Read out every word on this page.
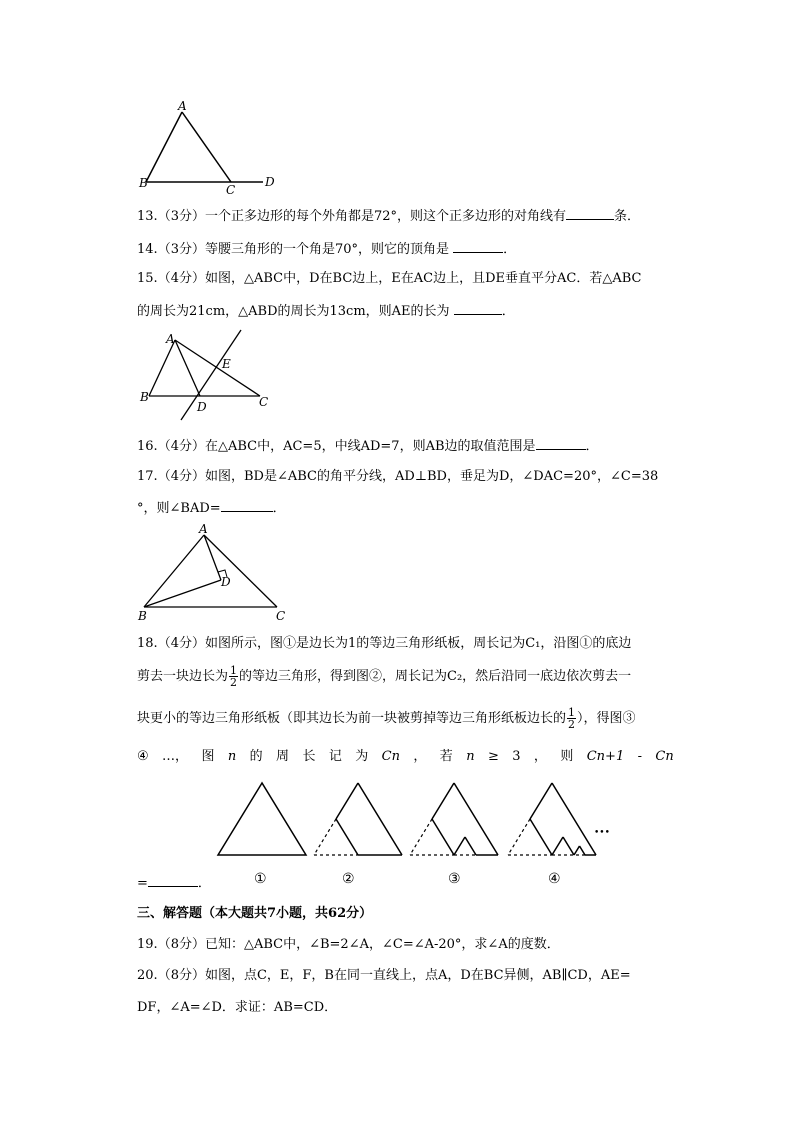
A
B	C
D
13.（3分）一个正多边形的每个外角都是72°，则这个正多边形的对角线有	条．
14.（3分）等腰三角形的一个角是70°，则它的顶角是	．
15.（4分）如图，△ABC中，D在BC边上，E在AC边上，且DE垂直平分AC．若△ABC
的周长为21cm，△ABD的周长为13cm，则AE的长为	．
A
B	C
D
E
16.（4分）在△ABC中，AC=5，中线AD=7，则AB边的取值范围是	．
17.（4分）如图，BD是∠ABC的角平分线，AD⊥BD，垂足为D，∠DAC=20°，∠C=38
°，则∠BAD=	．
A
B	C
D
18.（4分）如图所示，图①是边长为1的等边三角形纸板，周长记为C₁，沿图①的底边
剪去一块边长为 $\frac{1}{2}$ 的等边三角形，得到图②，周长记为C₂，然后沿同一底边依次剪去一
块更小的等边三角形纸板（即其边长为前一块被剪掉等边三角形纸板边长的 $\frac{1}{2}$ ），得图③
④ …， 图 n 的 周 长 记 为 Cn ， 若 n ≥ 3 ， 则 Cn+1 - Cn
•••
①	②	③	④
=	．
三、解答题（本大题共7小题，共62分）
19.（8分）已知：△ABC中，∠B=2∠A，∠C=∠A-20°，求∠A的度数．
20.（8分）如图，点C，E，F，B在同一直线上，点A，D在BC异侧，AB∥CD，AE=
DF，∠A=∠D．求证：AB=CD．
